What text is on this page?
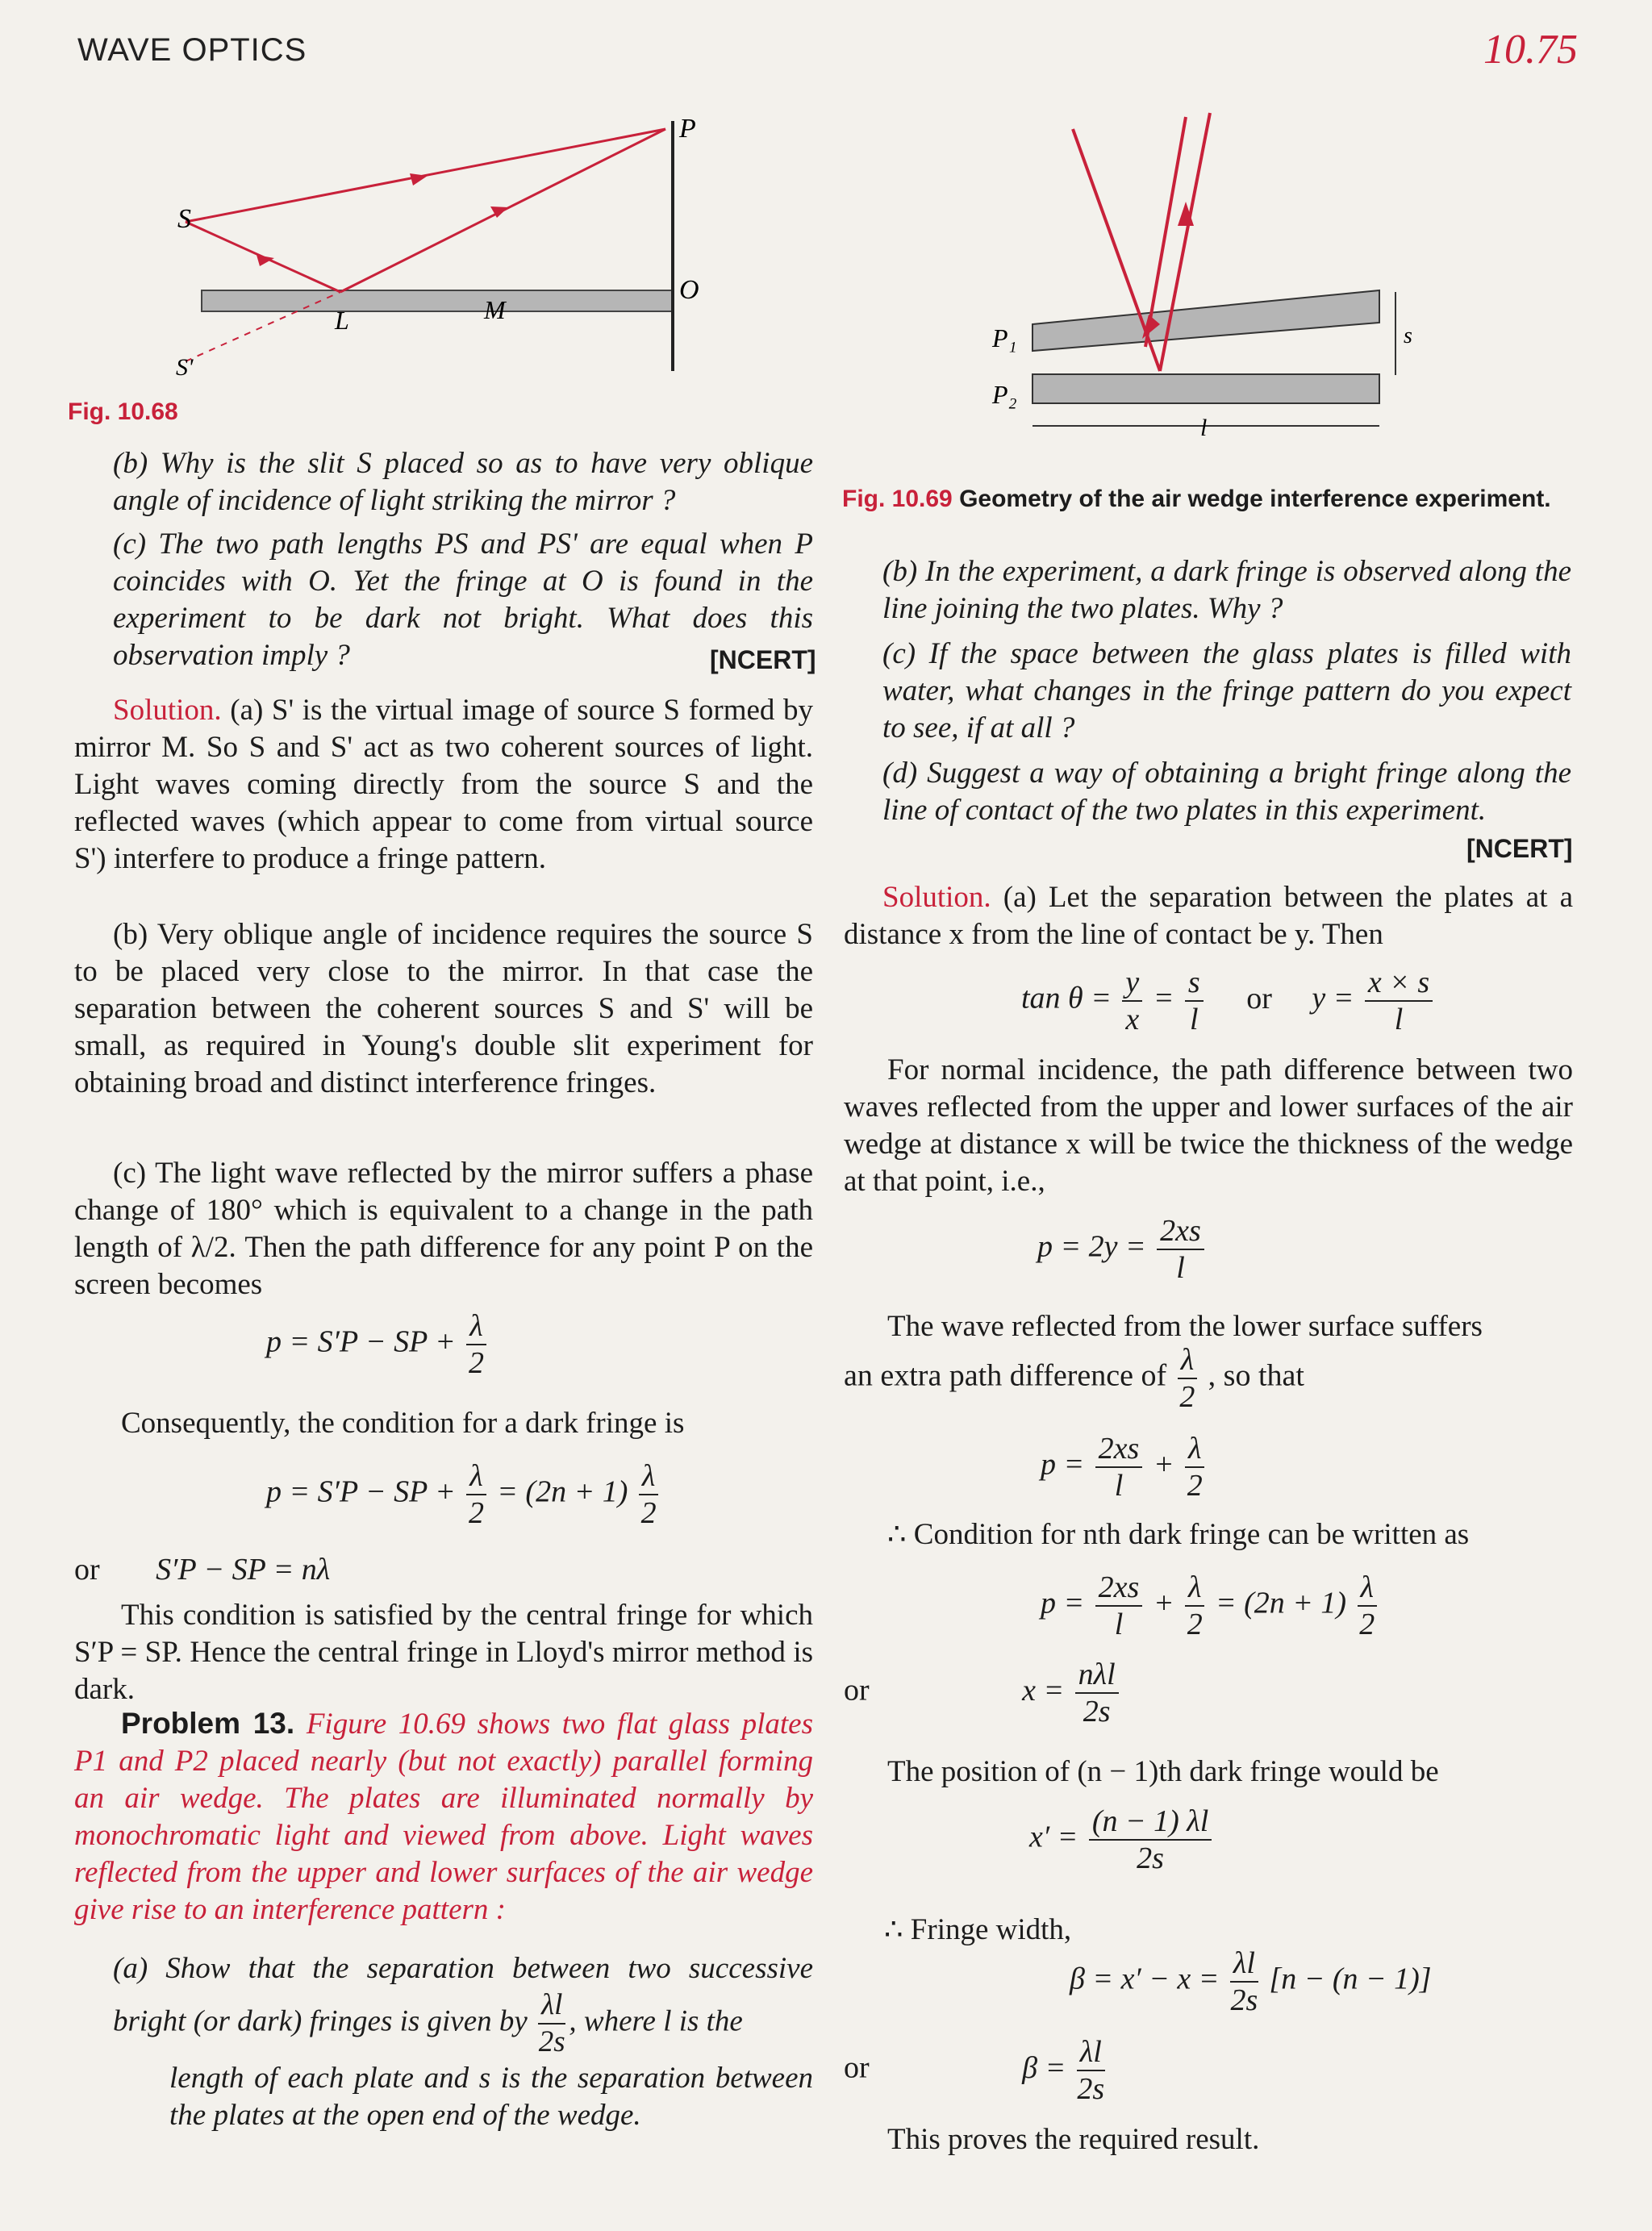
WAVE OPTICS	10.75
P
S
L	M
O
S'
Fig. 10.68
(b) Why is the slit S placed so as to have very oblique angle of incidence of light striking the mirror ?
(c) The two path lengths PS and PS' are equal when P coincides with O. Yet the fringe at O is found in the experiment to be dark not bright. What does this observation imply ?	[NCERT]
Solution. (a) S' is the virtual image of source S formed by mirror M. So S and S' act as two coherent sources of light. Light waves coming directly from the source S and the reflected waves (which appear to come from virtual source S') interfere to produce a fringe pattern.
(b) Very oblique angle of incidence requires the source S to be placed very close to the mirror. In that case the separation between the coherent sources S and S' will be small, as required in Young's double slit experiment for obtaining broad and distinct interference fringes.
(c) The light wave reflected by the mirror suffers a phase change of 180° which is equivalent to a change in the path length of λ/2. Then the path difference for any point P on the screen becomes
p = S′P − SP + $\frac{\lambda}{2}$
Consequently, the condition for a dark fringe is
p = S′P − SP + $\frac{\lambda}{2} = (2n + 1) \frac{\lambda}{2}$
or S′P − SP = nλ
This condition is satisfied by the central fringe for which S′P = SP. Hence the central fringe in Lloyd's mirror method is dark.
Problem 13. Figure 10.69 shows two flat glass plates P1 and P2 placed nearly (but not exactly) parallel forming an air wedge. The plates are illuminated normally by monochromatic light and viewed from above. Light waves reflected from the upper and lower surfaces of the air wedge give rise to an interference pattern :
(a) Show that the separation between two successive bright (or dark) fringes is given by $\frac{\lambda l}{2s}$ , where l is the
length of each plate and s is the separation between the plates at the open end of the wedge.
P₁
P₂
s
l
Fig. 10.69 Geometry of the air wedge interference experiment.
(b) In the experiment, a dark fringe is observed along the line joining the two plates. Why ?
(c) If the space between the glass plates is filled with water, what changes in the fringe pattern do you expect to see, if at all ?
(d) Suggest a way of obtaining a bright fringe along the line of contact of the two plates in this experiment.
[NCERT]
Solution. (a) Let the separation between the plates at a distance x from the line of contact be y. Then
$\tan \theta = \frac{y}{x} = \frac{s}{l}$ or $y = \frac{x \times s}{l}$
For normal incidence, the path difference between two waves reflected from the upper and lower surfaces of the air wedge at distance x will be twice the thickness of the wedge at that point, i.e.,
$p = 2y = \frac{2xs}{l}$
The wave reflected from the lower surface suffers
an extra path difference of $\frac{\lambda}{2}$ , so that
$p = \frac{2xs}{l} + \frac{\lambda}{2}$
∴ Condition for nth dark fringe can be written as
$p = \frac{2xs}{l} + \frac{\lambda}{2} = (2n + 1) \frac{\lambda}{2}$
or	$x = \frac{\text{nλl}}{2s}$
The position of (n − 1)th dark fringe would be
$x' = \frac{(n - 1) \lambda l}{2s}$
∴ Fringe width,
$\beta = x' - x = \frac{\lambda l}{2s} [n - (n - 1)]$
or	$\beta = \frac{\lambda l}{2s}$
This proves the required result.
